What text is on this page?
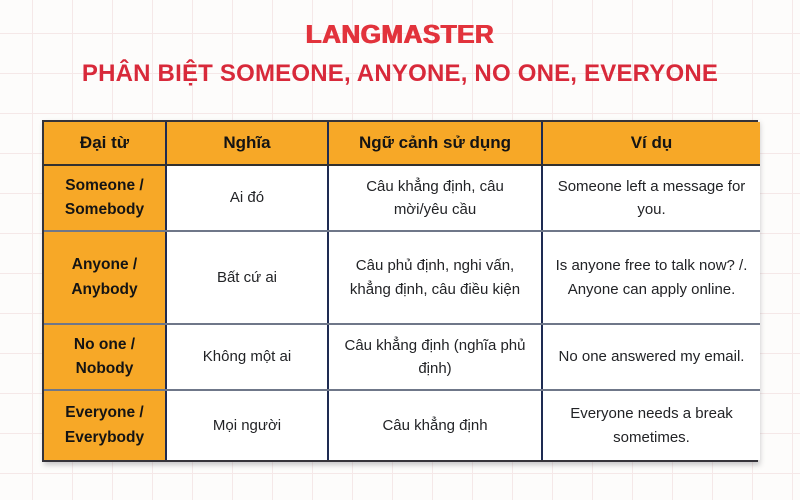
LANGMASTER
PHÂN BIỆT SOMEONE, ANYONE, NO ONE, EVERYONE
Đại từ	Nghĩa	Ngữ cảnh sử dụng	Ví dụ

Someone /
Somebody	Ai đó	Câu khẳng định, câu mời/yêu cầu	Someone left a message for you.

Anyone /
Anybody	Bất cứ ai	Câu phủ định, nghi vấn, khẳng định, câu điều kiện	Is anyone free to talk now? /. Anyone can apply online.

No one /
Nobody	Không một ai	Câu khẳng định (nghĩa phủ định)	No one answered my email.

Everyone /
Everybody	Mọi người	Câu khẳng định	Everyone needs a break sometimes.
